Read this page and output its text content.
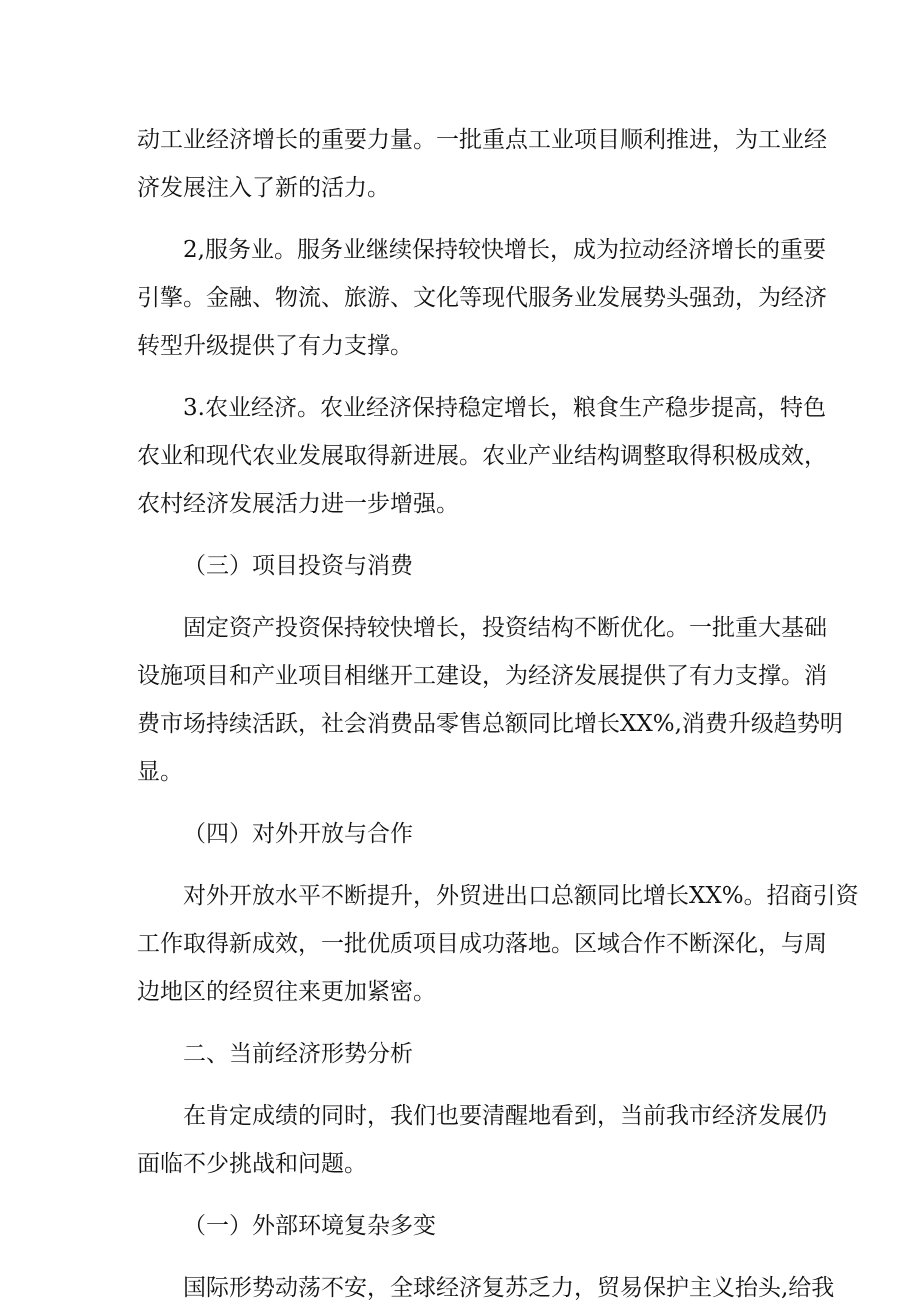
动工业经济增长的重要力量。一批重点工业项目顺利推进，为工业经
济发展注入了新的活力。
2,服务业。服务业继续保持较快增长，成为拉动经济增长的重要
引擎。金融、物流、旅游、文化等现代服务业发展势头强劲，为经济
转型升级提供了有力支撑。
3.农业经济。农业经济保持稳定增长，粮食生产稳步提高，特色
农业和现代农业发展取得新进展。农业产业结构调整取得积极成效，
农村经济发展活力进一步增强。
（三）项目投资与消费
固定资产投资保持较快增长，投资结构不断优化。一批重大基础
设施项目和产业项目相继开工建设，为经济发展提供了有力支撑。消
费市场持续活跃，社会消费品零售总额同比增长XX%,消费升级趋势明
显。
（四）对外开放与合作
对外开放水平不断提升，外贸进出口总额同比增长XX%。招商引资
工作取得新成效，一批优质项目成功落地。区域合作不断深化，与周
边地区的经贸往来更加紧密。
二、当前经济形势分析
在肯定成绩的同时，我们也要清醒地看到，当前我市经济发展仍
面临不少挑战和问题。
（一）外部环境复杂多变
国际形势动荡不安，全球经济复苏乏力，贸易保护主义抬头,给我
